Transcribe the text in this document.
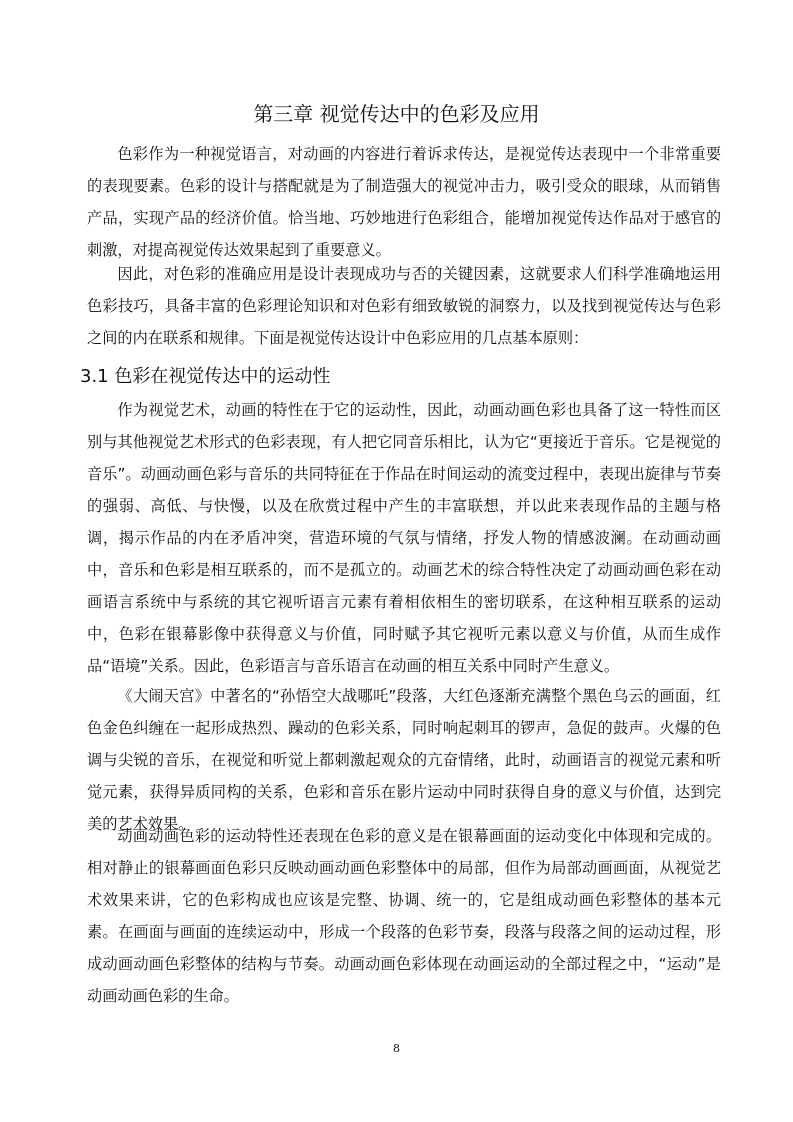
第三章 视觉传达中的色彩及应用

色彩作为一种视觉语言，对动画的内容进行着诉求传达，是视觉传达表现中一个非常重要的表现要素。色彩的设计与搭配就是为了制造强大的视觉冲击力，吸引受众的眼球，从而销售产品，实现产品的经济价值。恰当地、巧妙地进行色彩组合，能增加视觉传达作品对于感官的刺激，对提高视觉传达效果起到了重要意义。

因此，对色彩的准确应用是设计表现成功与否的关键因素，这就要求人们科学准确地运用色彩技巧，具备丰富的色彩理论知识和对色彩有细致敏锐的洞察力，以及找到视觉传达与色彩之间的内在联系和规律。下面是视觉传达设计中色彩应用的几点基本原则：

3.1 色彩在视觉传达中的运动性

作为视觉艺术，动画的特性在于它的运动性，因此，动画动画色彩也具备了这一特性而区别与其他视觉艺术形式的色彩表现，有人把它同音乐相比，认为它“更接近于音乐。它是视觉的音乐”。动画动画色彩与音乐的共同特征在于作品在时间运动的流变过程中，表现出旋律与节奏的强弱、高低、与快慢，以及在欣赏过程中产生的丰富联想，并以此来表现作品的主题与格调，揭示作品的内在矛盾冲突，营造环境的气氛与情绪，抒发人物的情感波澜。在动画动画中，音乐和色彩是相互联系的，而不是孤立的。动画艺术的综合特性决定了动画动画色彩在动画语言系统中与系统的其它视听语言元素有着相依相生的密切联系，在这种相互联系的运动中，色彩在银幕影像中获得意义与价值，同时赋予其它视听元素以意义与价值，从而生成作品“语境”关系。因此，色彩语言与音乐语言在动画的相互关系中同时产生意义。

《大闹天宫》中著名的“孙悟空大战哪吒”段落，大红色逐渐充满整个黑色乌云的画面，红色金色纠缠在一起形成热烈、躁动的色彩关系，同时响起刺耳的锣声，急促的鼓声。火爆的色调与尖锐的音乐，在视觉和听觉上都刺激起观众的亢奋情绪，此时，动画语言的视觉元素和听觉元素，获得异质同构的关系，色彩和音乐在影片运动中同时获得自身的意义与价值，达到完美的艺术效果。

动画动画色彩的运动特性还表现在色彩的意义是在银幕画面的运动变化中体现和完成的。相对静止的银幕画面色彩只反映动画动画色彩整体中的局部，但作为局部动画画面，从视觉艺术效果来讲，它的色彩构成也应该是完整、协调、统一的，它是组成动画色彩整体的基本元素。在画面与画面的连续运动中，形成一个段落的色彩节奏，段落与段落之间的运动过程，形成动画动画色彩整体的结构与节奏。动画动画色彩体现在动画运动的全部过程之中，“运动”是动画动画色彩的生命。

8
